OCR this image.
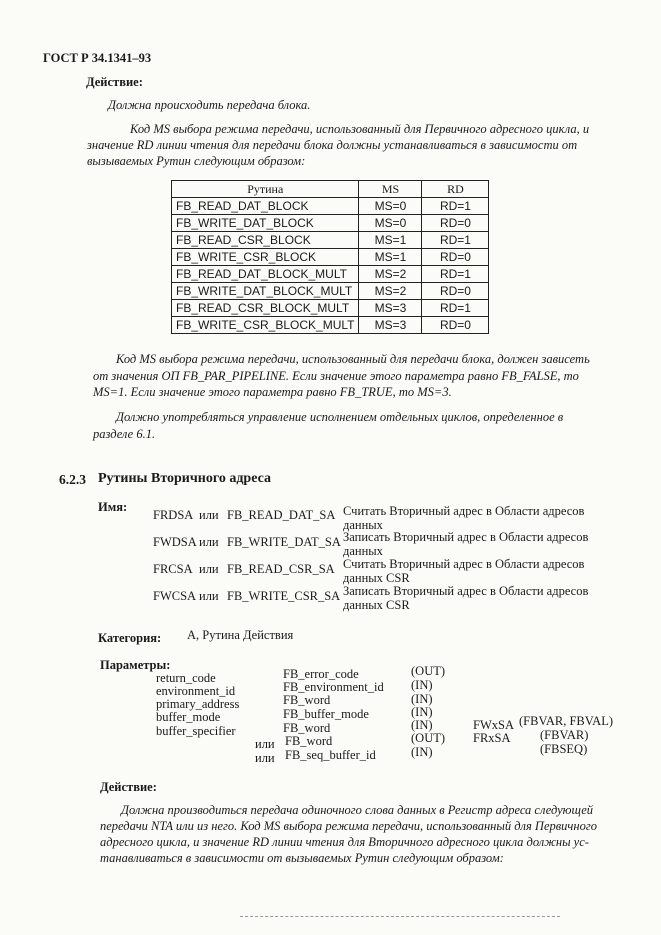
ГОСТ Р 34.1341–93
Действие:
Должна происходить передача блока.
Код MS выбора режима передачи, использованный для Первичного адресного цикла, и
значение RD линии чтения для передачи блока должны устанавливаться в зависимости от
вызываемых Рутин следующим образом:
Рутина	MS	RD
FB_READ_DAT_BLOCK	MS=0	RD=1
FB_WRITE_DAT_BLOCK	MS=0	RD=0
FB_READ_CSR_BLOCK	MS=1	RD=1
FB_WRITE_CSR_BLOCK	MS=1	RD=0
FB_READ_DAT_BLOCK_MULT	MS=2	RD=1
FB_WRITE_DAT_BLOCK_MULT	MS=2	RD=0
FB_READ_CSR_BLOCK_MULT	MS=3	RD=1
FB_WRITE_CSR_BLOCK_MULT	MS=3	RD=0
Код MS выбора режима передачи, использованный для передачи блока, должен зависеть
от значения ОП FB_PAR_PIPELINE. Если значение этого параметра равно FB_FALSE, то
MS=1. Если значение этого параметра равно FB_TRUE, то MS=3.
Должно употребляться управление исполнением отдельных циклов, определенное в
разделе 6.1.
6.2.3 Рутины Вторичного адреса
Имя:
FRDSA или FB_READ_DAT_SA Считать Вторичный адрес в Области адресов
данных
FWDSA или FB_WRITE_DAT_SA Записать Вторичный адрес в Области адресов
данных
FRCSA или FB_READ_CSR_SA Считать Вторичный адрес в Области адресов
данных CSR
FWCSA или FB_WRITE_CSR_SA Записать Вторичный адрес в Области адресов
данных CSR
Категория: А, Рутина Действия
Параметры:
return_code	FB_error_code	(OUT)
environment_id	FB_environment_id (IN)
primary_address	FB_word	(IN)
buffer_mode	FB_buffer_mode	(IN)
buffer_specifier	FB_word	(IN)
или FB_word	(OUT)
или FB_seq_buffer_id	(IN)
FWxSA (FBVAR, FBVAL)
FRxSA (FBVAR)
(FBSEQ)
Действие:
Должна производиться передача одиночного слова данных в Регистр адреса следующей
передачи NTA или из него. Код MS выбора режима передачи, использованный для Первичного
адресного цикла, и значение RD линии чтения для Вторичного адресного цикла должны ус-
танавливаться в зависимости от вызываемых Рутин следующим образом:
